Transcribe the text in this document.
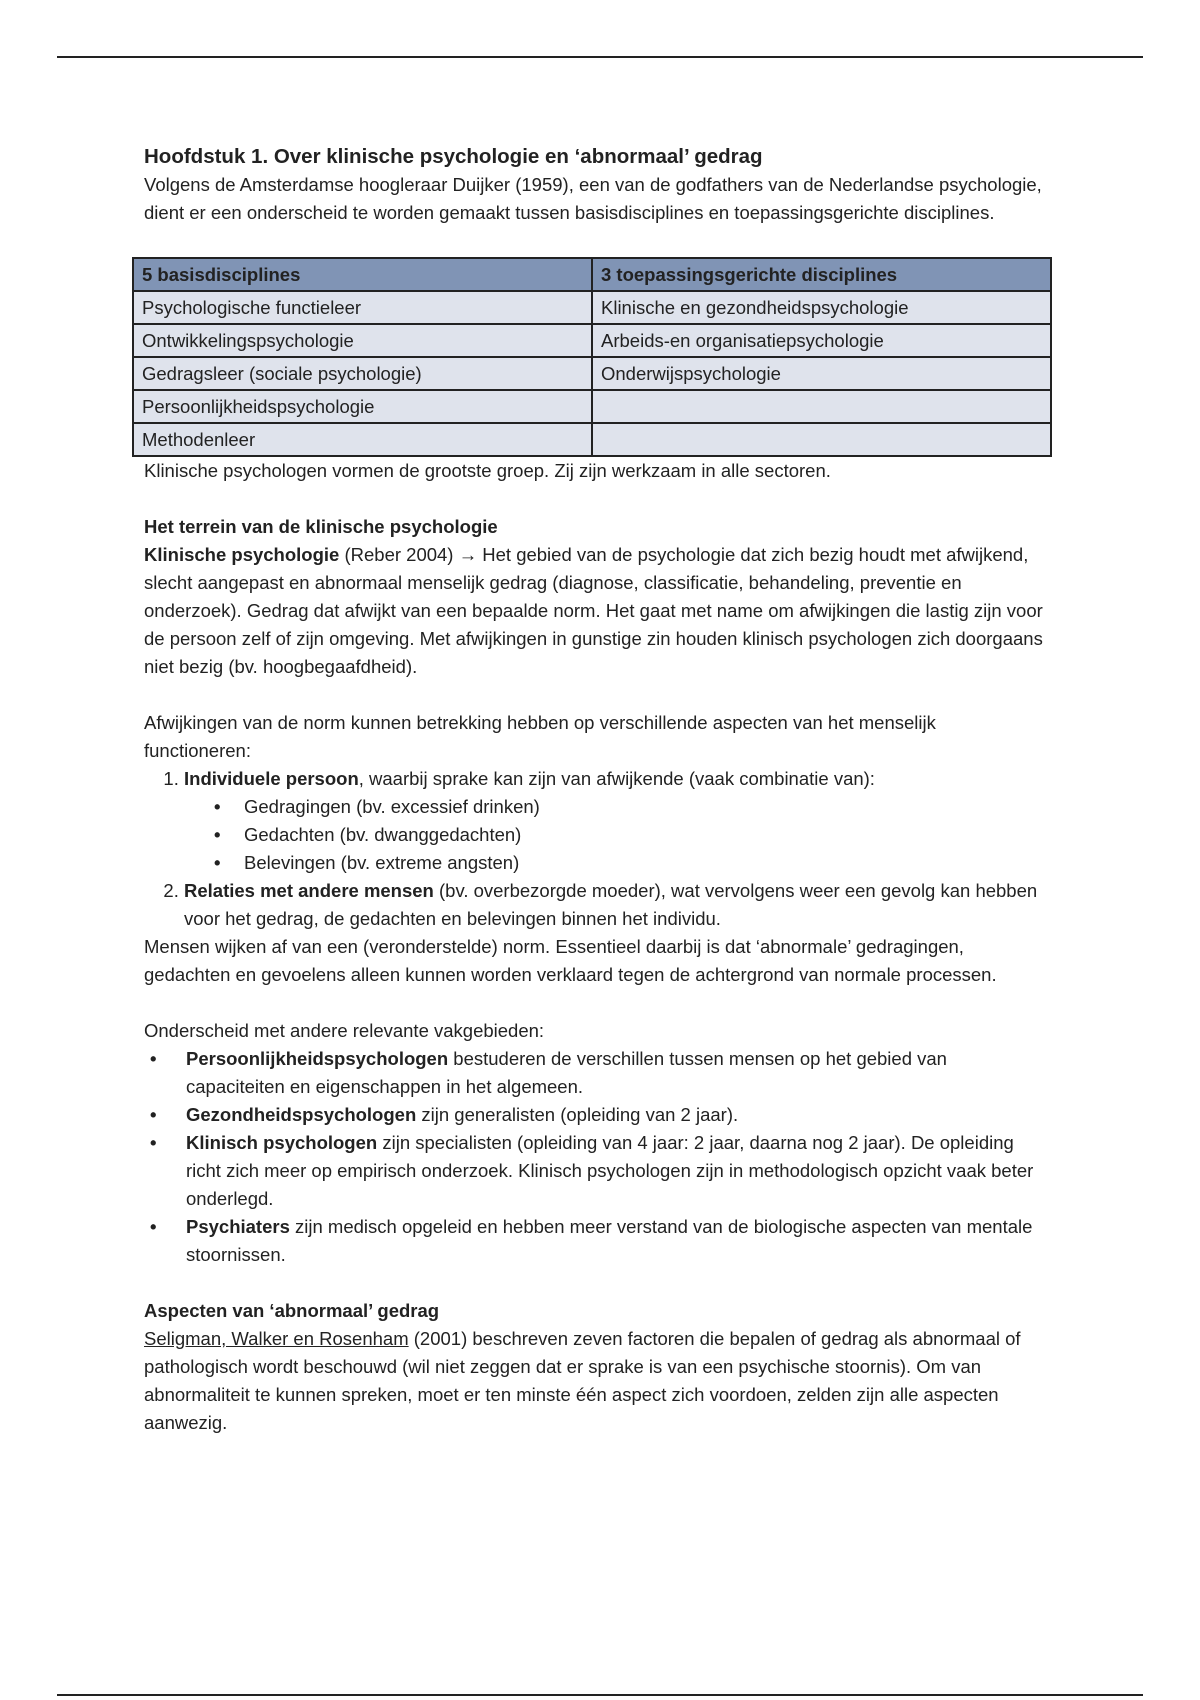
Hoofdstuk 1. Over klinische psychologie en ‘abnormaal’ gedrag

Volgens de Amsterdamse hoogleraar Duijker (1959), een van de godfathers van de Nederlandse psychologie, dient er een onderscheid te worden gemaakt tussen basisdisciplines en toepassingsgerichte disciplines.

5 basisdisciplines	3 toepassingsgerichte disciplines
Psychologische functieleer	Klinische en gezondheidspsychologie
Ontwikkelingspsychologie	Arbeids-en organisatiepsychologie
Gedragsleer (sociale psychologie)	Onderwijspsychologie
Persoonlijkheidspsychologie	
Methodenleer	

Klinische psychologen vormen de grootste groep. Zij zijn werkzaam in alle sectoren.

Het terrein van de klinische psychologie

Klinische psychologie (Reber 2004) → Het gebied van de psychologie dat zich bezig houdt met afwijkend, slecht aangepast en abnormaal menselijk gedrag (diagnose, classificatie, behandeling, preventie en onderzoek). Gedrag dat afwijkt van een bepaalde norm. Het gaat met name om afwijkingen die lastig zijn voor de persoon zelf of zijn omgeving. Met afwijkingen in gunstige zin houden klinisch psychologen zich doorgaans niet bezig (bv. hoogbegaafdheid).

Afwijkingen van de norm kunnen betrekking hebben op verschillende aspecten van het menselijk functioneren:

1. Individuele persoon, waarbij sprake kan zijn van afwijkende (vaak combinatie van):
• Gedragingen (bv. excessief drinken)
• Gedachten (bv. dwanggedachten)
• Belevingen (bv. extreme angsten)
2. Relaties met andere mensen (bv. overbezorgde moeder), wat vervolgens weer een gevolg kan hebben voor het gedrag, de gedachten en belevingen binnen het individu.

Mensen wijken af van een (veronderstelde) norm. Essentieel daarbij is dat ‘abnormale’ gedragingen, gedachten en gevoelens alleen kunnen worden verklaard tegen de achtergrond van normale processen.

Onderscheid met andere relevante vakgebieden:

• Persoonlijkheidspsychologen bestuderen de verschillen tussen mensen op het gebied van capaciteiten en eigenschappen in het algemeen.
• Gezondheidspsychologen zijn generalisten (opleiding van 2 jaar).
• Klinisch psychologen zijn specialisten (opleiding van 4 jaar: 2 jaar, daarna nog 2 jaar). De opleiding richt zich meer op empirisch onderzoek. Klinisch psychologen zijn in methodologisch opzicht vaak beter onderlegd.
• Psychiaters zijn medisch opgeleid en hebben meer verstand van de biologische aspecten van mentale stoornissen.
Aspecten van ‘abnormaal’ gedrag

Seligman, Walker en Rosenham (2001) beschreven zeven factoren die bepalen of gedrag als abnormaal of pathologisch wordt beschouwd (wil niet zeggen dat er sprake is van een psychische stoornis). Om van abnormaliteit te kunnen spreken, moet er ten minste één aspect zich voordoen, zelden zijn alle aspecten aanwezig.
